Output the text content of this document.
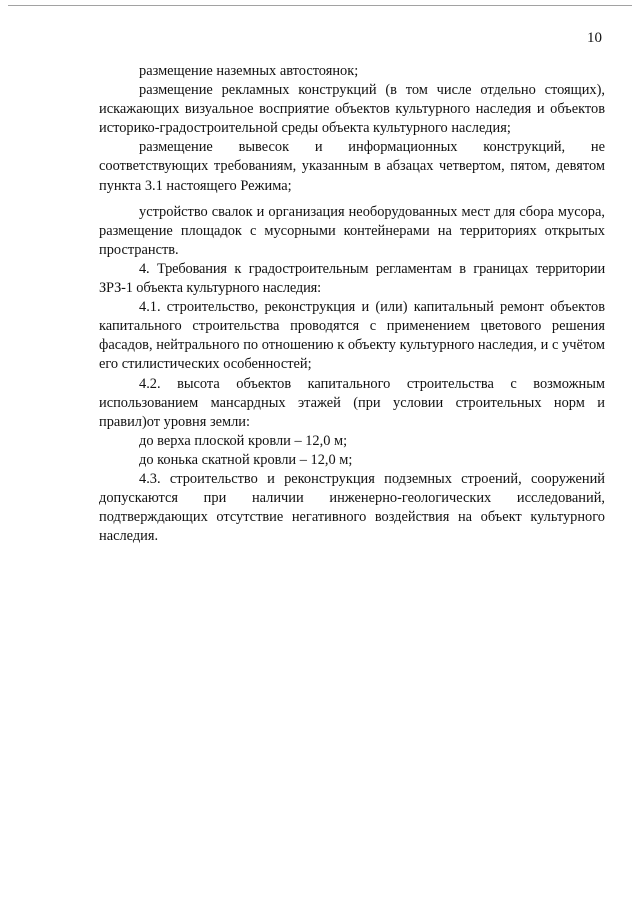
10

размещение наземных автостоянок;

размещение рекламных конструкций (в том числе отдельно стоящих), искажающих визуальное восприятие объектов культурного наследия и объектов историко-градостроительной среды объекта культурного наследия;

размещение вывесок и информационных конструкций, не соответствующих требованиям, указанным в абзацах четвертом, пятом, девятом пункта 3.1 настоящего Режима;

устройство свалок и организация необорудованных мест для сбора мусора, размещение площадок с мусорными контейнерами на территориях открытых пространств.

4. Требования к градостроительным регламентам в границах территории ЗРЗ-1 объекта культурного наследия:

4.1. строительство, реконструкция и (или) капитальный ремонт объектов капитального строительства проводятся с применением цветового решения фасадов, нейтрального по отношению к объекту культурного наследия, и с учётом его стилистических особенностей;

4.2. высота объектов капитального строительства с возможным использованием мансардных этажей (при условии строительных норм и правил)от уровня земли:

до верха плоской кровли – 12,0 м;

до конька скатной кровли – 12,0 м;

4.3. строительство и реконструкция подземных строений, сооружений допускаются при наличии инженерно-геологических исследований, подтверждающих отсутствие негативного воздействия на объект культурного наследия.
